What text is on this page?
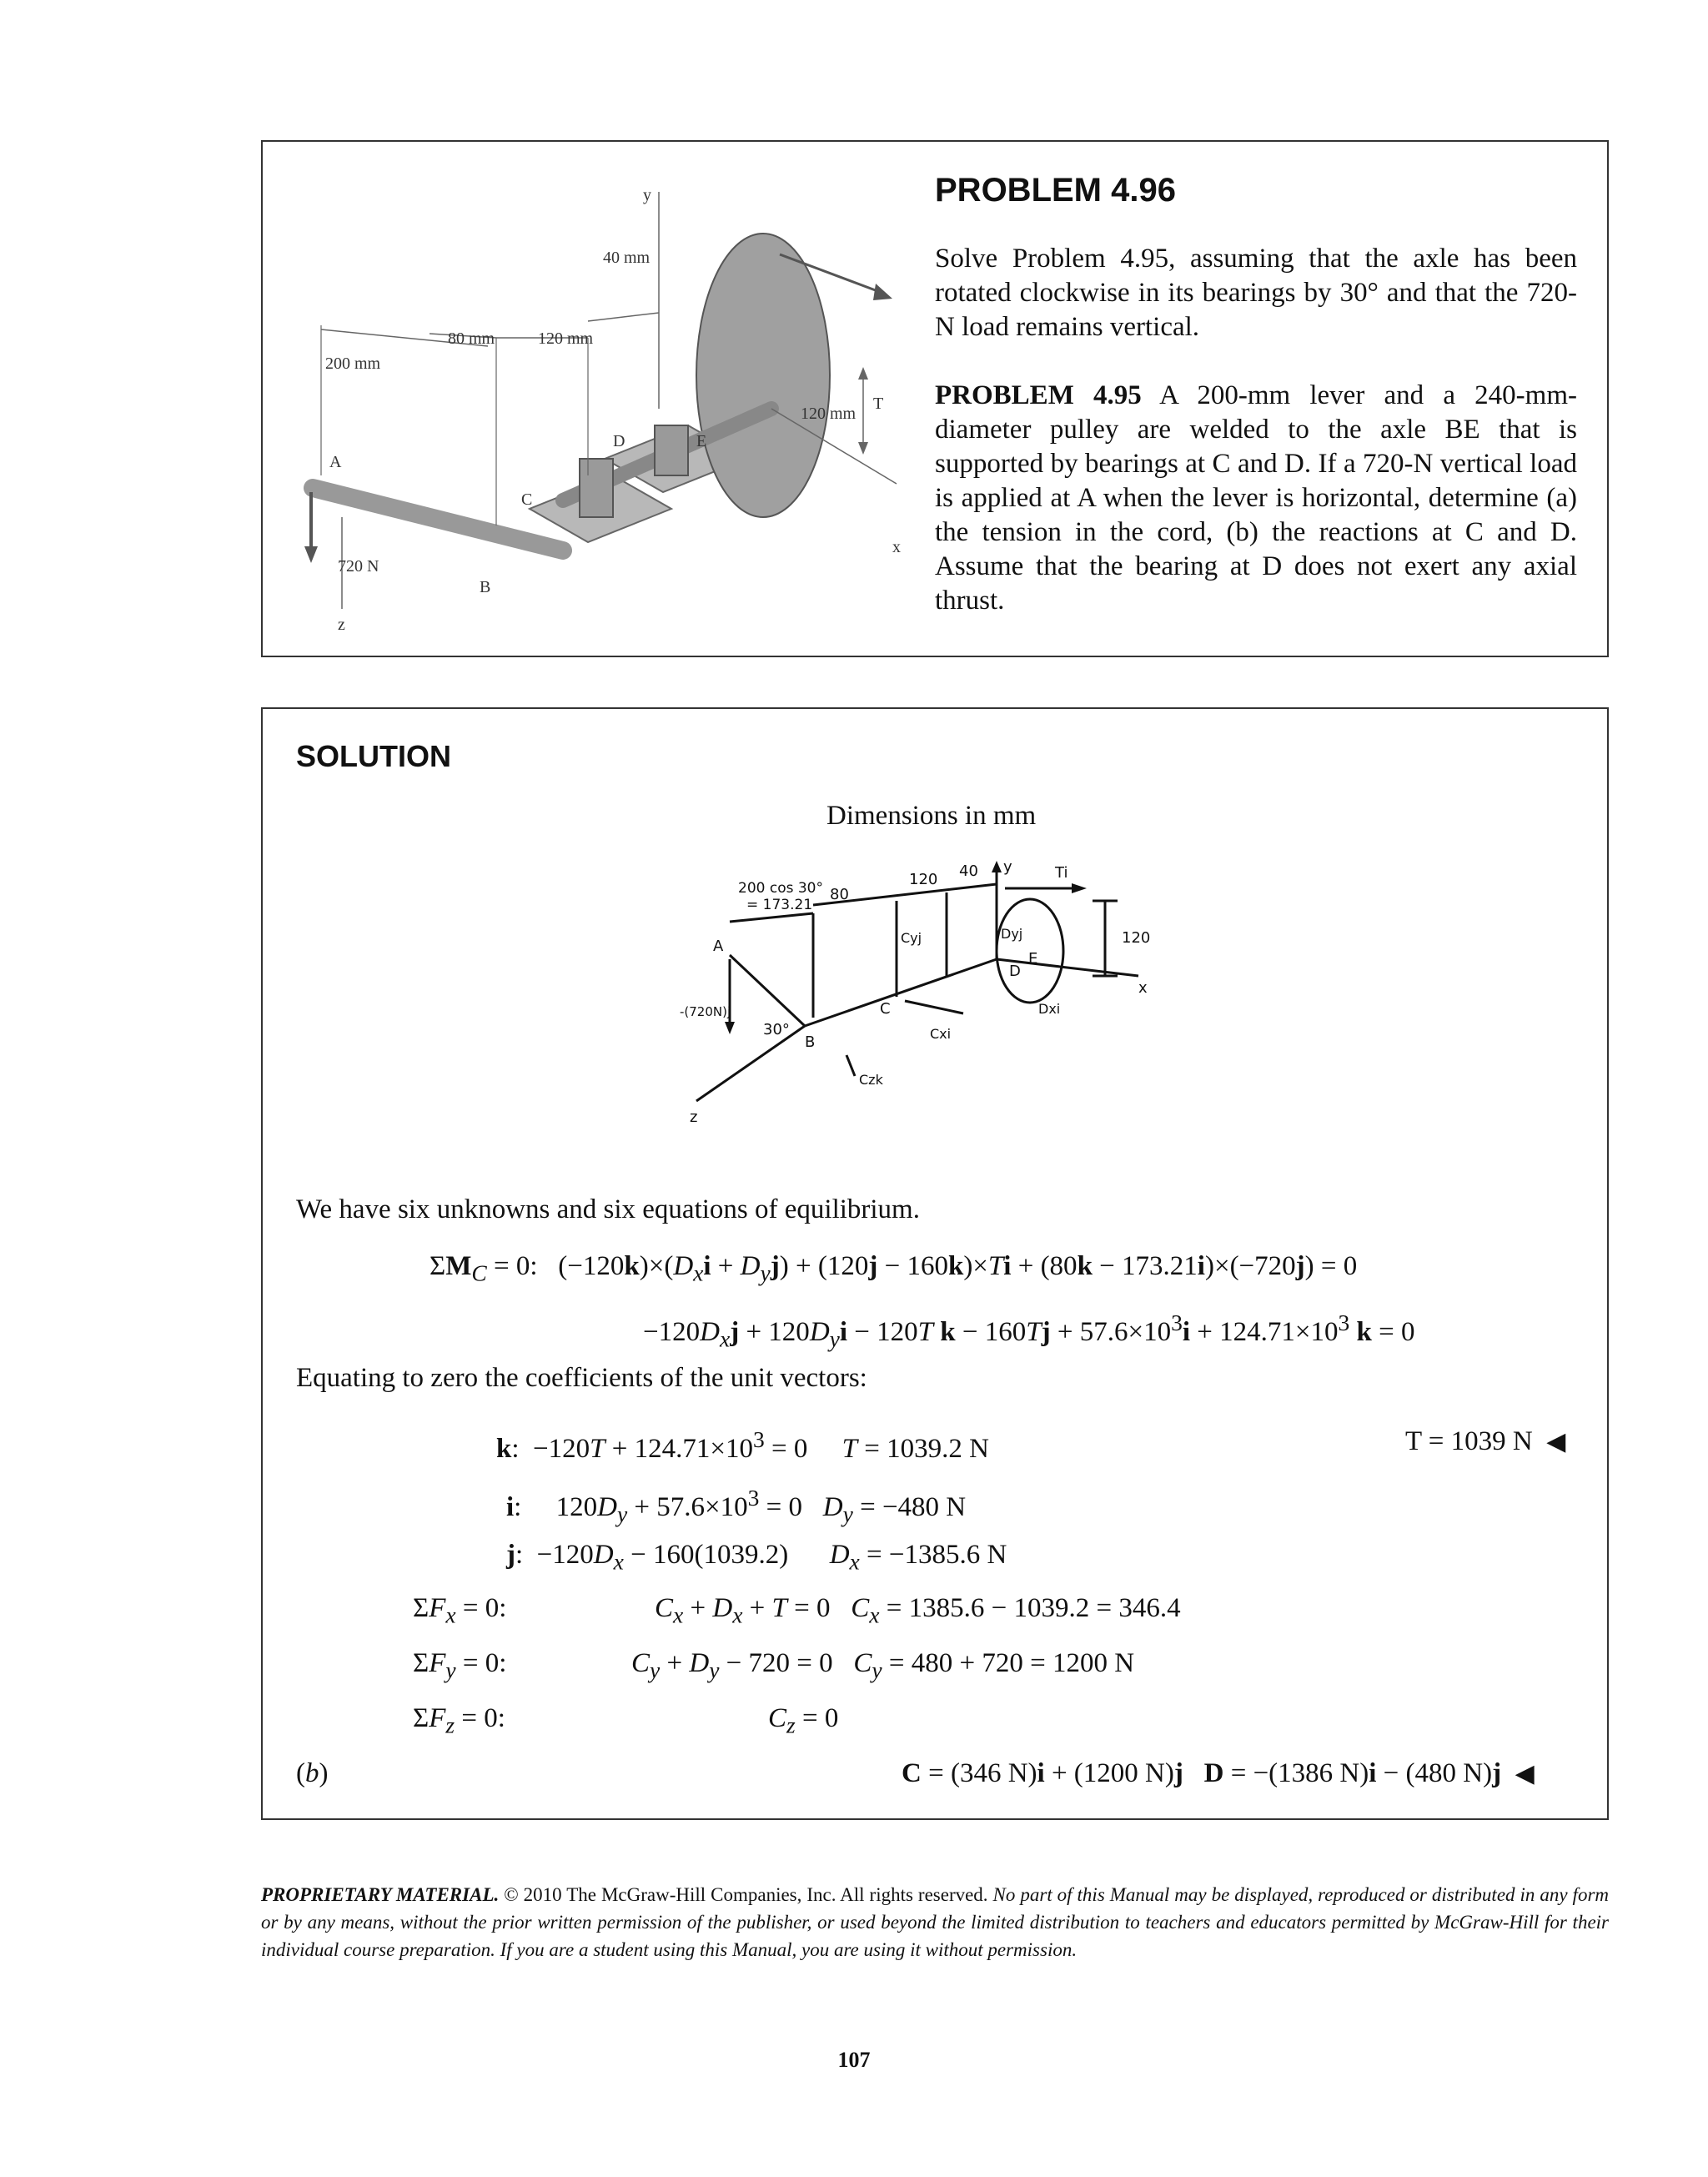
y
40 mm
80 mm	120 mm
200 mm
A
B
C
D	E
T
120 mm
x
z
720 N
PROBLEM 4.96
Solve Problem 4.95, assuming that the axle has been rotated clockwise in its bearings by 30° and that the 720-N load remains vertical.
PROBLEM 4.95 A 200-mm lever and a 240-mm-diameter pulley are welded to the axle BE that is supported by bearings at C and D. If a 720-N vertical load is applied at A when the lever is horizontal, determine (a) the tension in the cord, (b) the reactions at C and D. Assume that the bearing at D does not exert any axial thrust.
SOLUTION
Dimensions in mm
200 cos 30°
= 173.21
80
120 40 y	Ti
120
x
A
-(720N)j
30°
B
C
D
E
Cyj	Dyj
Cxi
Dxi
Czk
z
We have six unknowns and six equations of equilibrium.
$\Sigma M_C = 0$:   $(-120k)\times(D_xi + D_yj) + (120j - 160k)\times Ti + (80k - 173.21i)\times(-720j) = 0$
$-120D_xj + 120D_yi - 120T$ $k - 160Tj + 57.6\times 10^3i + 124.71\times 10^3$ k = 0
Equating to zero the coefficients of the unit vectors:
k:  $-120T + 124.71\times 10^3 = 0$     T = 1039.2 N	T = 1039 N ◀
i:     $120D_y + 57.6\times 10^3 = 0$   $D_y = -480$ N
j:  $-120D_x - 160(1039.2)$      $D_x = -1385.6$ N
$\Sigma F_x = 0$:	$C_x + D_x + T = 0$   $C_x = 1385.6 - 1039.2 = 346.4$
$\Sigma F_y = 0$:	$C_y + D_y - 720 = 0$   $C_y = 480 + 720 = 1200$ N
$\Sigma F_z = 0$:	$C_z = 0$
(b)	C = (346 N)i + (1200 N)j D = −(1386 N)i − (480 N)j ◀
PROPRIETARY MATERIAL. © 2010 The McGraw-Hill Companies, Inc. All rights reserved. No part of this Manual may be displayed, reproduced or distributed in any form or by any means, without the prior written permission of the publisher, or used beyond the limited distribution to teachers and educators permitted by McGraw-Hill for their individual course preparation. If you are a student using this Manual, you are using it without permission.
107
